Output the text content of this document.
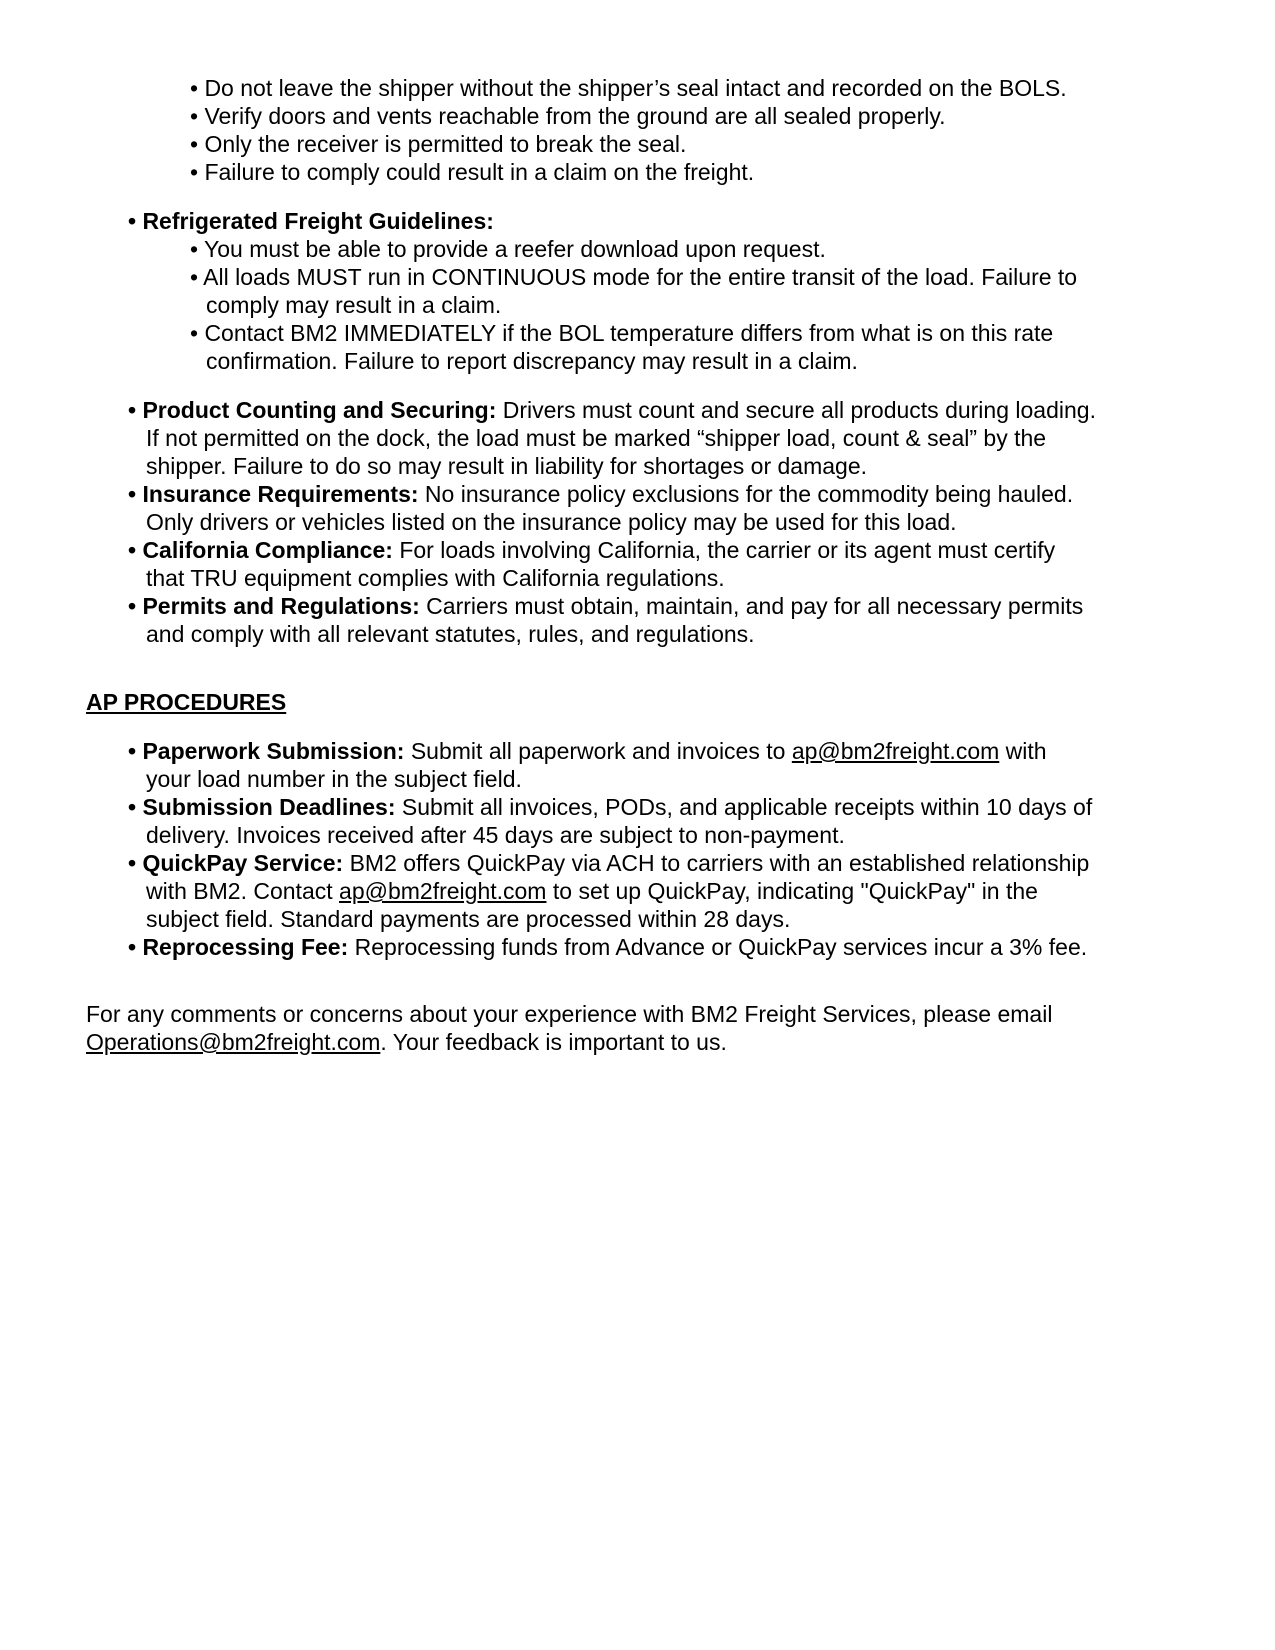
• Do not leave the shipper without the shipper’s seal intact and recorded on the BOLS.
• Verify doors and vents reachable from the ground are all sealed properly.
• Only the receiver is permitted to break the seal.
• Failure to comply could result in a claim on the freight.
• Refrigerated Freight Guidelines:
• You must be able to provide a reefer download upon request.
• All loads MUST run in CONTINUOUS mode for the entire transit of the load. Failure to
comply may result in a claim.
• Contact BM2 IMMEDIATELY if the BOL temperature differs from what is on this rate
confirmation. Failure to report discrepancy may result in a claim.
• Product Counting and Securing: Drivers must count and secure all products during loading.
If not permitted on the dock, the load must be marked “shipper load, count & seal” by the
shipper. Failure to do so may result in liability for shortages or damage.
• Insurance Requirements: No insurance policy exclusions for the commodity being hauled.
Only drivers or vehicles listed on the insurance policy may be used for this load.
• California Compliance: For loads involving California, the carrier or its agent must certify
that TRU equipment complies with California regulations.
• Permits and Regulations: Carriers must obtain, maintain, and pay for all necessary permits
and comply with all relevant statutes, rules, and regulations.
AP PROCEDURES
• Paperwork Submission: Submit all paperwork and invoices to ap@bm2freight.com with
your load number in the subject field.
• Submission Deadlines: Submit all invoices, PODs, and applicable receipts within 10 days of
delivery. Invoices received after 45 days are subject to non-payment.
• QuickPay Service: BM2 offers QuickPay via ACH to carriers with an established relationship
with BM2. Contact ap@bm2freight.com to set up QuickPay, indicating "QuickPay" in the
subject field. Standard payments are processed within 28 days.
• Reprocessing Fee: Reprocessing funds from Advance or QuickPay services incur a 3% fee.
For any comments or concerns about your experience with BM2 Freight Services, please email
Operations@bm2freight.com. Your feedback is important to us.
